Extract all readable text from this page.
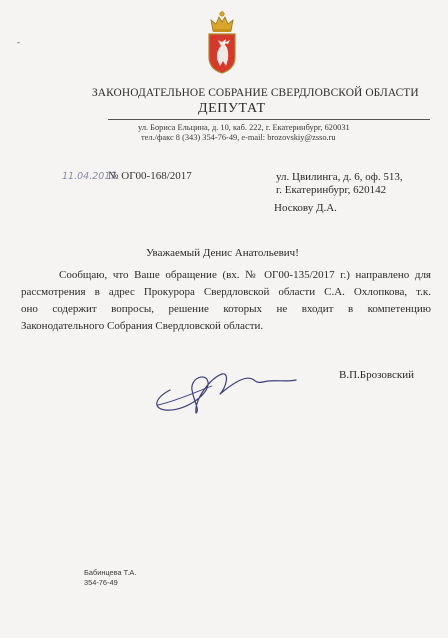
-
ЗАКОНОДАТЕЛЬНОЕ СОБРАНИЕ СВЕРДЛОВСКОЙ ОБЛАСТИ
ДЕПУТАТ
ул. Бориса Ельцина, д. 10, каб. 222, г. Екатеринбург, 620031
тел./факс 8 (343) 354-76-49, e-mail: brozovskiy@zsso.ru
11.04.2017
№ ОГ00-168/2017	ул. Цвилинга, д. 6, оф. 513,
г. Екатеринбург, 620142
Носкову Д.А.
Уважаемый Денис Анатольевич!
Сообщаю, что Ваше обращение (вх. № ОГ00-135/2017 г.) направлено для
рассмотрения в адрес Прокурора Свердловской области С.А. Охлопкова, т.к.
оно содержит вопросы, решение которых не входит в компетенцию
Законодательного Собрания Свердловской области.
В.П.Брозовский
Бабинцева Т.А.
354-76-49
